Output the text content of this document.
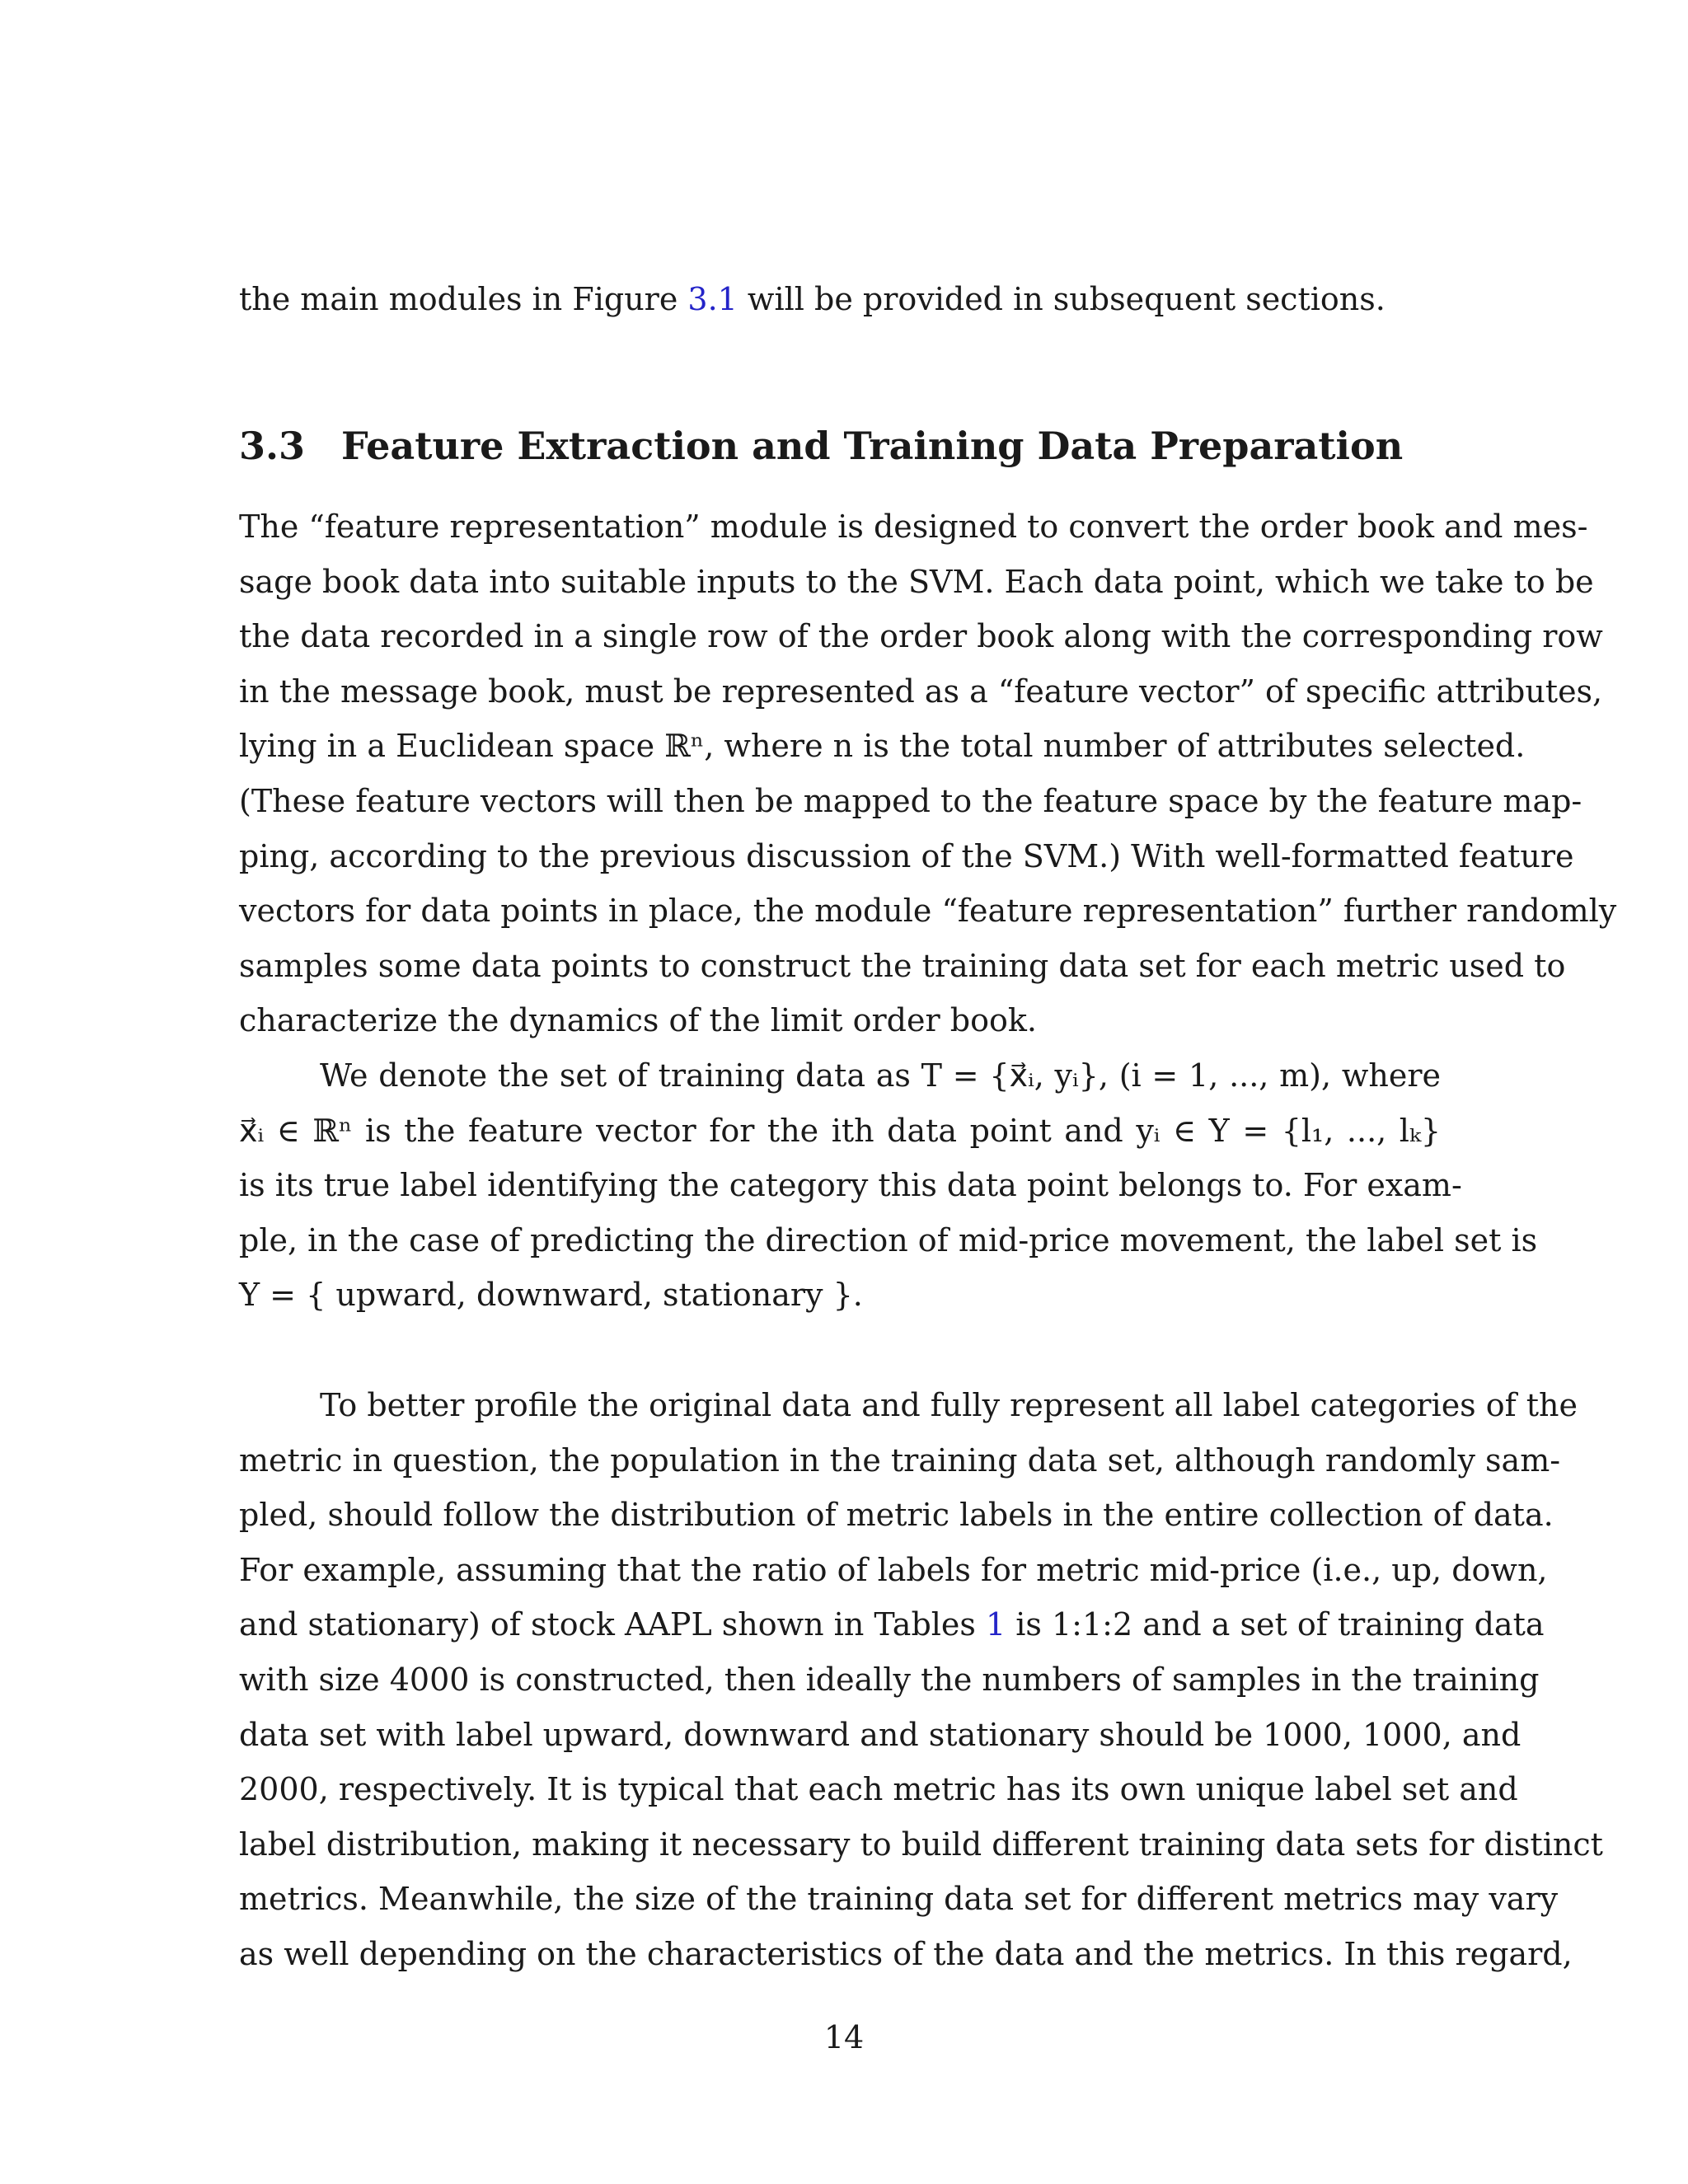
the main modules in Figure 3.1 will be provided in subsequent sections.
3.3 Feature Extraction and Training Data Preparation
The “feature representation” module is designed to convert the order book and mes-
sage book data into suitable inputs to the SVM. Each data point, which we take to be
the data recorded in a single row of the order book along with the corresponding row
in the message book, must be represented as a “feature vector” of specific attributes,
lying in a Euclidean space ℝⁿ, where n is the total number of attributes selected.
(These feature vectors will then be mapped to the feature space by the feature map-
ping, according to the previous discussion of the SVM.) With well-formatted feature
vectors for data points in place, the module “feature representation” further randomly
samples some data points to construct the training data set for each metric used to
characterize the dynamics of the limit order book.
We denote the set of training data as T = {x⃗ᵢ, yᵢ}, (i = 1, ..., m), where
x⃗ᵢ ∈ ℝⁿ is the feature vector for the ith data point and yᵢ ∈ Y = {l₁, ..., lₖ}
is its true label identifying the category this data point belongs to. For exam-
ple, in the case of predicting the direction of mid-price movement, the label set is
Y = { upward, downward, stationary }.
To better profile the original data and fully represent all label categories of the
metric in question, the population in the training data set, although randomly sam-
pled, should follow the distribution of metric labels in the entire collection of data.
For example, assuming that the ratio of labels for metric mid-price (i.e., up, down,
and stationary) of stock AAPL shown in Tables 1 is 1:1:2 and a set of training data
with size 4000 is constructed, then ideally the numbers of samples in the training
data set with label upward, downward and stationary should be 1000, 1000, and
2000, respectively. It is typical that each metric has its own unique label set and
label distribution, making it necessary to build different training data sets for distinct
metrics. Meanwhile, the size of the training data set for different metrics may vary
as well depending on the characteristics of the data and the metrics. In this regard,
14
